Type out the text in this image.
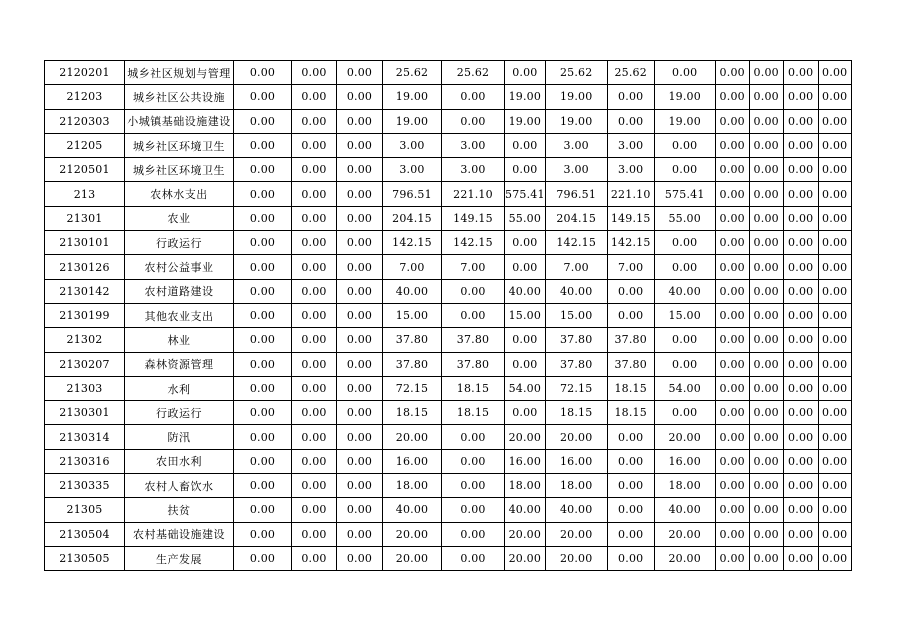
2120201	城乡社区规划与管理	0.00	0.00	0.00	25.62	25.62	0.00	25.62	25.62	0.00	0.00	0.00	0.00	0.00
21203	城乡社区公共设施	0.00	0.00	0.00	19.00	0.00	19.00	19.00	0.00	19.00	0.00	0.00	0.00	0.00
2120303	小城镇基础设施建设	0.00	0.00	0.00	19.00	0.00	19.00	19.00	0.00	19.00	0.00	0.00	0.00	0.00
21205	城乡社区环境卫生	0.00	0.00	0.00	3.00	3.00	0.00	3.00	3.00	0.00	0.00	0.00	0.00	0.00
2120501	城乡社区环境卫生	0.00	0.00	0.00	3.00	3.00	0.00	3.00	3.00	0.00	0.00	0.00	0.00	0.00
213	农林水支出	0.00	0.00	0.00	796.51	221.10	575.41	796.51	221.10	575.41	0.00	0.00	0.00	0.00
21301	农业	0.00	0.00	0.00	204.15	149.15	55.00	204.15	149.15	55.00	0.00	0.00	0.00	0.00
2130101	行政运行	0.00	0.00	0.00	142.15	142.15	0.00	142.15	142.15	0.00	0.00	0.00	0.00	0.00
2130126	农村公益事业	0.00	0.00	0.00	7.00	7.00	0.00	7.00	7.00	0.00	0.00	0.00	0.00	0.00
2130142	农村道路建设	0.00	0.00	0.00	40.00	0.00	40.00	40.00	0.00	40.00	0.00	0.00	0.00	0.00
2130199	其他农业支出	0.00	0.00	0.00	15.00	0.00	15.00	15.00	0.00	15.00	0.00	0.00	0.00	0.00
21302	林业	0.00	0.00	0.00	37.80	37.80	0.00	37.80	37.80	0.00	0.00	0.00	0.00	0.00
2130207	森林资源管理	0.00	0.00	0.00	37.80	37.80	0.00	37.80	37.80	0.00	0.00	0.00	0.00	0.00
21303	水利	0.00	0.00	0.00	72.15	18.15	54.00	72.15	18.15	54.00	0.00	0.00	0.00	0.00
2130301	行政运行	0.00	0.00	0.00	18.15	18.15	0.00	18.15	18.15	0.00	0.00	0.00	0.00	0.00
2130314	防汛	0.00	0.00	0.00	20.00	0.00	20.00	20.00	0.00	20.00	0.00	0.00	0.00	0.00
2130316	农田水利	0.00	0.00	0.00	16.00	0.00	16.00	16.00	0.00	16.00	0.00	0.00	0.00	0.00
2130335	农村人畜饮水	0.00	0.00	0.00	18.00	0.00	18.00	18.00	0.00	18.00	0.00	0.00	0.00	0.00
21305	扶贫	0.00	0.00	0.00	40.00	0.00	40.00	40.00	0.00	40.00	0.00	0.00	0.00	0.00
2130504	农村基础设施建设	0.00	0.00	0.00	20.00	0.00	20.00	20.00	0.00	20.00	0.00	0.00	0.00	0.00
2130505	生产发展	0.00	0.00	0.00	20.00	0.00	20.00	20.00	0.00	20.00	0.00	0.00	0.00	0.00
